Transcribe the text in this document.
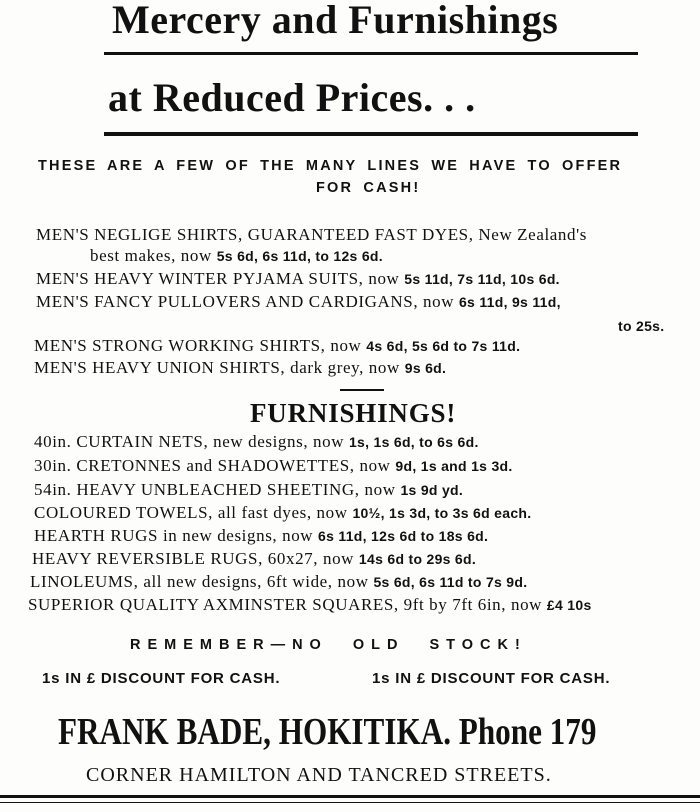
Mercery and Furnishings
at Reduced Prices. . .
THESE ARE A FEW OF THE MANY LINES WE HAVE TO OFFER
FOR CASH!
MEN'S NEGLIGE SHIRTS, GUARANTEED FAST DYES, New Zealand's
best makes, now 5s 6d, 6s 11d, to 12s 6d.
MEN'S HEAVY WINTER PYJAMA SUITS, now 5s 11d, 7s 11d, 10s 6d.
MEN'S FANCY PULLOVERS AND CARDIGANS, now 6s 11d, 9s 11d,
to 25s.
MEN'S STRONG WORKING SHIRTS, now 4s 6d, 5s 6d to 7s 11d.
MEN'S HEAVY UNION SHIRTS, dark grey, now 9s 6d.
FURNISHINGS!
40in. CURTAIN NETS, new designs, now 1s, 1s 6d, to 6s 6d.
30in. CRETONNES and SHADOWETTES, now 9d, 1s and 1s 3d.
54in. HEAVY UNBLEACHED SHEETING, now 1s 9d yd.
COLOURED TOWELS, all fast dyes, now 10½, 1s 3d, to 3s 6d each.
HEARTH RUGS in new designs, now 6s 11d, 12s 6d to 18s 6d.
HEAVY REVERSIBLE RUGS, 60x27, now 14s 6d to 29s 6d.
LINOLEUMS, all new designs, 6ft wide, now 5s 6d, 6s 11d to 7s 9d.
SUPERIOR QUALITY AXMINSTER SQUARES, 9ft by 7ft 6in, now £4 10s
REMEMBER—NO OLD STOCK!
1s IN £ DISCOUNT FOR CASH.	1s IN £ DISCOUNT FOR CASH.
FRANK BADE, HOKITIKA. Phone 179
CORNER HAMILTON AND TANCRED STREETS.
